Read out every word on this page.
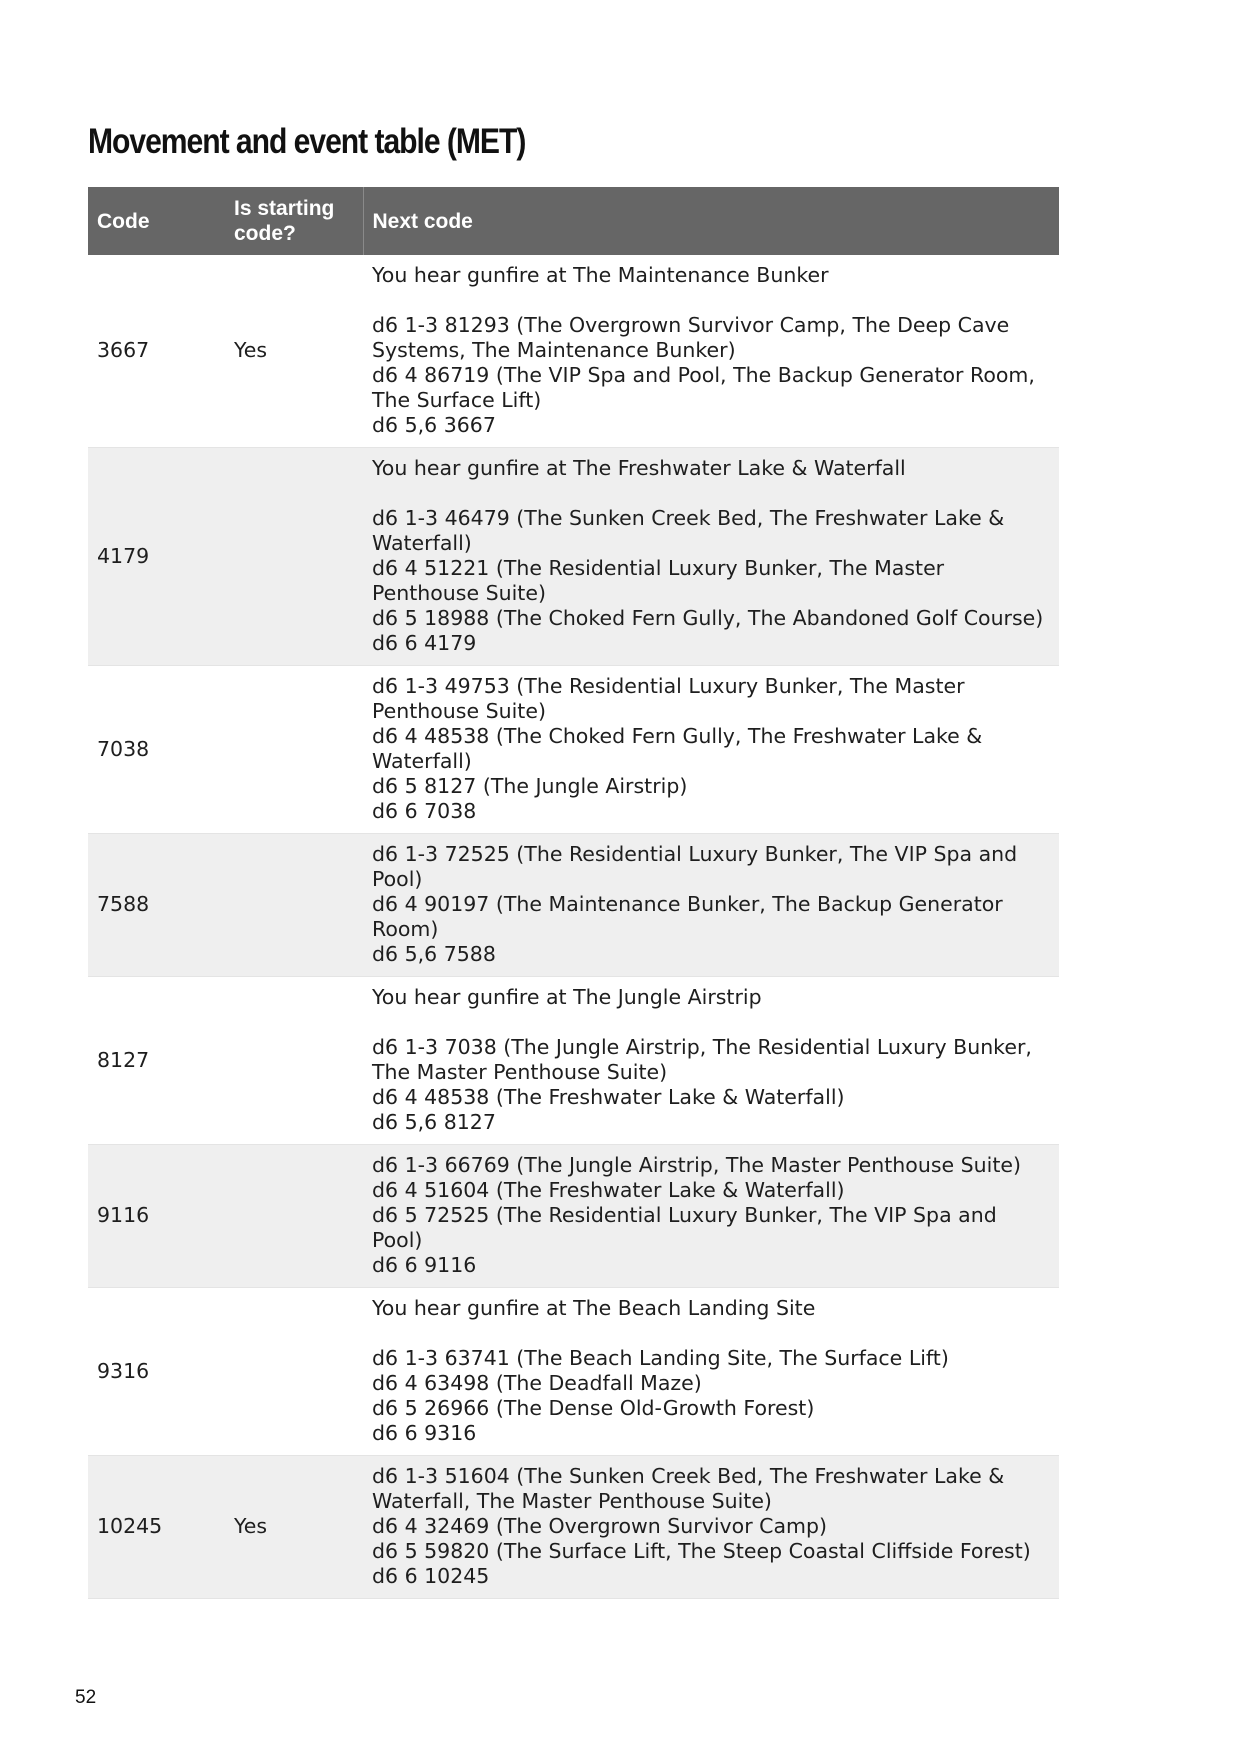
Movement and event table (MET)
Code	Is starting code?	Next code
3667	Yes	You hear gunfire at The Maintenance Bunker

d6 1-3 81293 (The Overgrown Survivor Camp, The Deep Cave Systems, The Maintenance Bunker)
d6 4 86719 (The VIP Spa and Pool, The Backup Generator Room, The Surface Lift)
d6 5,6 3667

4179		You hear gunfire at The Freshwater Lake & Waterfall

d6 1-3 46479 (The Sunken Creek Bed, The Freshwater Lake & Waterfall)
d6 4 51221 (The Residential Luxury Bunker, The Master Penthouse Suite)
d6 5 18988 (The Choked Fern Gully, The Abandoned Golf Course)
d6 6 4179

7038		d6 1-3 49753 (The Residential Luxury Bunker, The Master Penthouse Suite)
d6 4 48538 (The Choked Fern Gully, The Freshwater Lake & Waterfall)
d6 5 8127 (The Jungle Airstrip)
d6 6 7038

7588		d6 1-3 72525 (The Residential Luxury Bunker, The VIP Spa and Pool)
d6 4 90197 (The Maintenance Bunker, The Backup Generator Room)
d6 5,6 7588

8127		You hear gunfire at The Jungle Airstrip

d6 1-3 7038 (The Jungle Airstrip, The Residential Luxury Bunker, The Master Penthouse Suite)
d6 4 48538 (The Freshwater Lake & Waterfall)
d6 5,6 8127

9116		d6 1-3 66769 (The Jungle Airstrip, The Master Penthouse Suite)
d6 4 51604 (The Freshwater Lake & Waterfall)
d6 5 72525 (The Residential Luxury Bunker, The VIP Spa and Pool)
d6 6 9116

9316		You hear gunfire at The Beach Landing Site

d6 1-3 63741 (The Beach Landing Site, The Surface Lift)
d6 4 63498 (The Deadfall Maze)
d6 5 26966 (The Dense Old-Growth Forest)
d6 6 9316

10245	Yes	d6 1-3 51604 (The Sunken Creek Bed, The Freshwater Lake & Waterfall, The Master Penthouse Suite)
d6 4 32469 (The Overgrown Survivor Camp)
d6 5 59820 (The Surface Lift, The Steep Coastal Cliffside Forest)
d6 6 10245
52
